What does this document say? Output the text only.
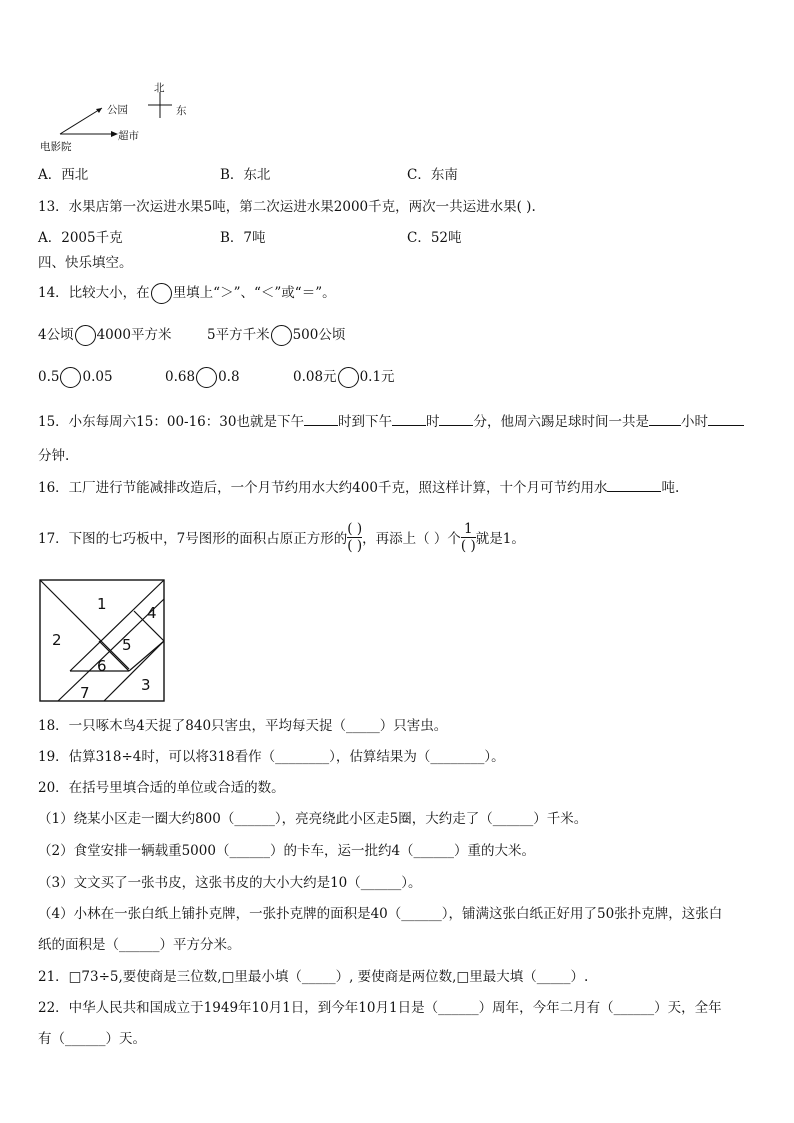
北
东
公园
超市
电影院
A．西北	B．东北	C．东南
13．水果店第一次运进水果5吨，第二次运进水果2000千克，两次一共运进水果( ).
A．2005千克	B．7吨	C．52吨
四、快乐填空。
14．比较大小，在 里填上“＞”、“＜”或“＝”。
4公顷 4000平方米	5平方千米 500公顷
0.5 0.05	0.68 0.8	0.08元 0.1元
15．小东每周六15：00-16：30也就是下午	时到下午	时	分，他周六踢足球时间一共是 小时
分钟.
16．工厂进行节能减排改造后，一个月节约用水大约400千克，照这样计算，十个月可节约用水	吨.
17．下图的七巧板中，7号图形的面积占原正方形的 $\frac{( )}{( )}$ ，再添上（ ）个 $\frac{1}{( )}$ 就是1。
1
2
3
4
5
6
7
18．一只啄木鸟4天捉了840只害虫，平均每天捉（_____）只害虫。
19．估算318÷4时，可以将318看作（________），估算结果为（________）。
20．在括号里填合适的单位或合适的数。
（1）绕某小区走一圈大约800（______），亮亮绕此小区走5圈，大约走了（______）千米。
（2）食堂安排一辆载重5000（______）的卡车，运一批约4（______）重的大米。
（3）文文买了一张书皮，这张书皮的大小大约是10（______）。
（4）小林在一张白纸上铺扑克牌，一张扑克牌的面积是40（______），铺满这张白纸正好用了50张扑克牌，这张白
纸的面积是（______）平方分米。
21．□73÷5,要使商是三位数,□里最小填（_____）, 要使商是两位数,□里最大填（_____）.
22．中华人民共和国成立于1949年10月1日，到今年10月1日是（______）周年，今年二月有（______）天，全年
有（______）天。
